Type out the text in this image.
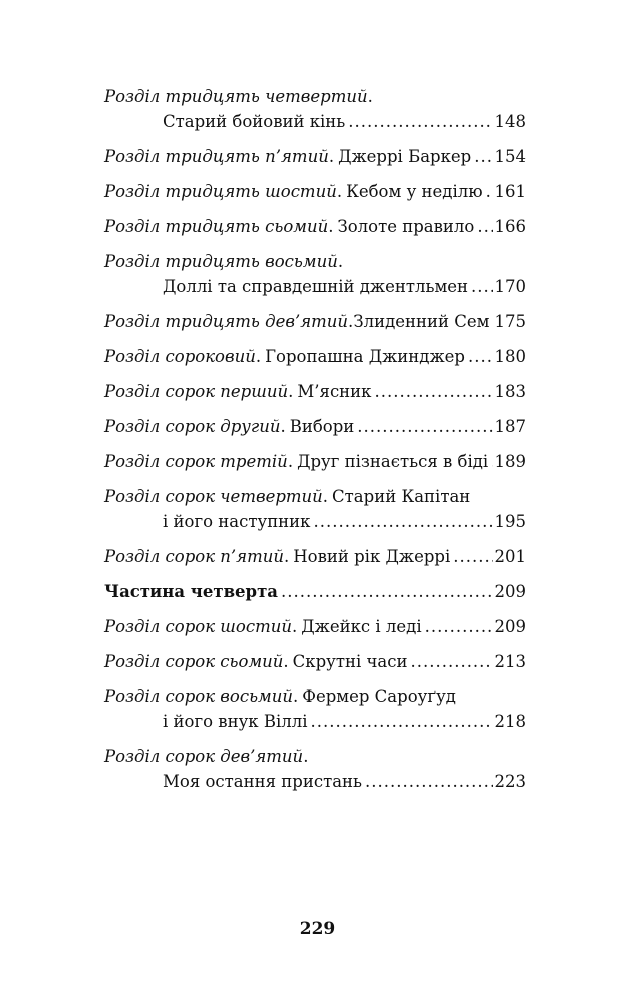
Розділ тридцять четвертий .
Старий бойовий кінь .....	148
Розділ тридцять п’ятий . Джеррі Баркер ..... 154
Розділ тридцять шостий . Кебом у неділю ..... 161
Розділ тридцять сьомий . Золоте правило ..... 166
Розділ тридцять восьмий .
Доллі та справдешній джентльмен ..... 170
Розділ тридцять дев’ятий . Злиденний Сем 175
Розділ сороковий . Горопашна Джинджер ..... 180
Розділ сорок перший . М’ясник .....	183
Розділ сорок другий . Вибори .....	187
Розділ сорок третій . Друг пізнається в біді ..... 189
Розділ сорок четвертий . Старий Капітан
і його наступник .....	195
Розділ сорок п’ятий . Новий рік Джеррі .....	201
Частина четверта .....	209
Розділ сорок шостий . Джейкс і леді .....	209
Розділ сорок сьомий . Скрутні часи .....	213
Розділ сорок восьмий . Фермер Сароуґуд
і його внук Віллі .....	218
Розділ сорок дев’ятий .
Моя остання пристань .....	223
229
